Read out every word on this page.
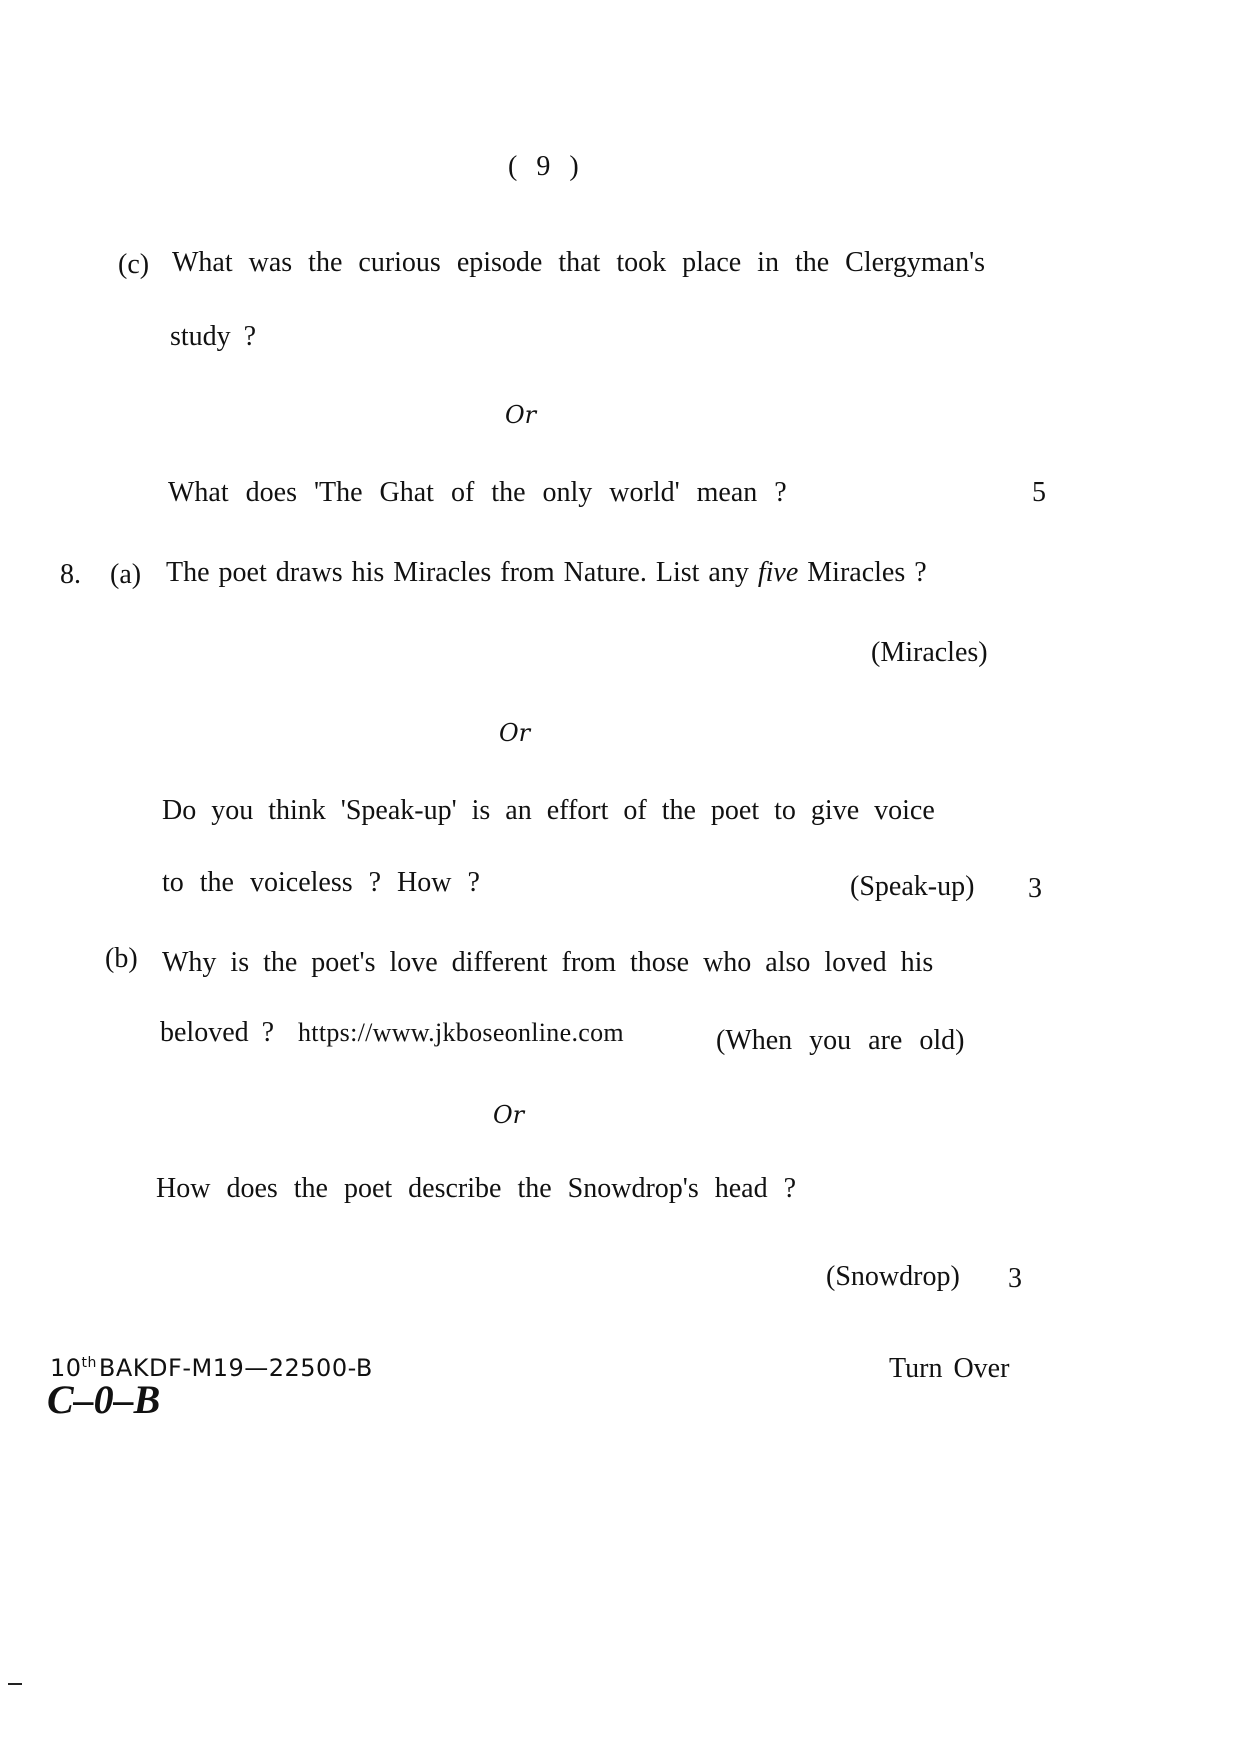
( 9 )
(c) What was the curious episode that took place in the Clergyman's
study ?
Or
What does 'The Ghat of the only world' mean ?	5
8. (a) The poet draws his Miracles from Nature. List any five Miracles ?
(Miracles)
Or
Do you think 'Speak-up' is an effort of the poet to give voice
to the voiceless ? How ?	(Speak-up) 3
(b) Why is the poet's love different from those who also loved his
beloved ? https://www.jkboseonline.com	(When you are old)
Or
How does the poet describe the Snowdrop's head ?
(Snowdrop) 3
10thBAKDF-M19—22500-B	Turn Over
C–0–B
